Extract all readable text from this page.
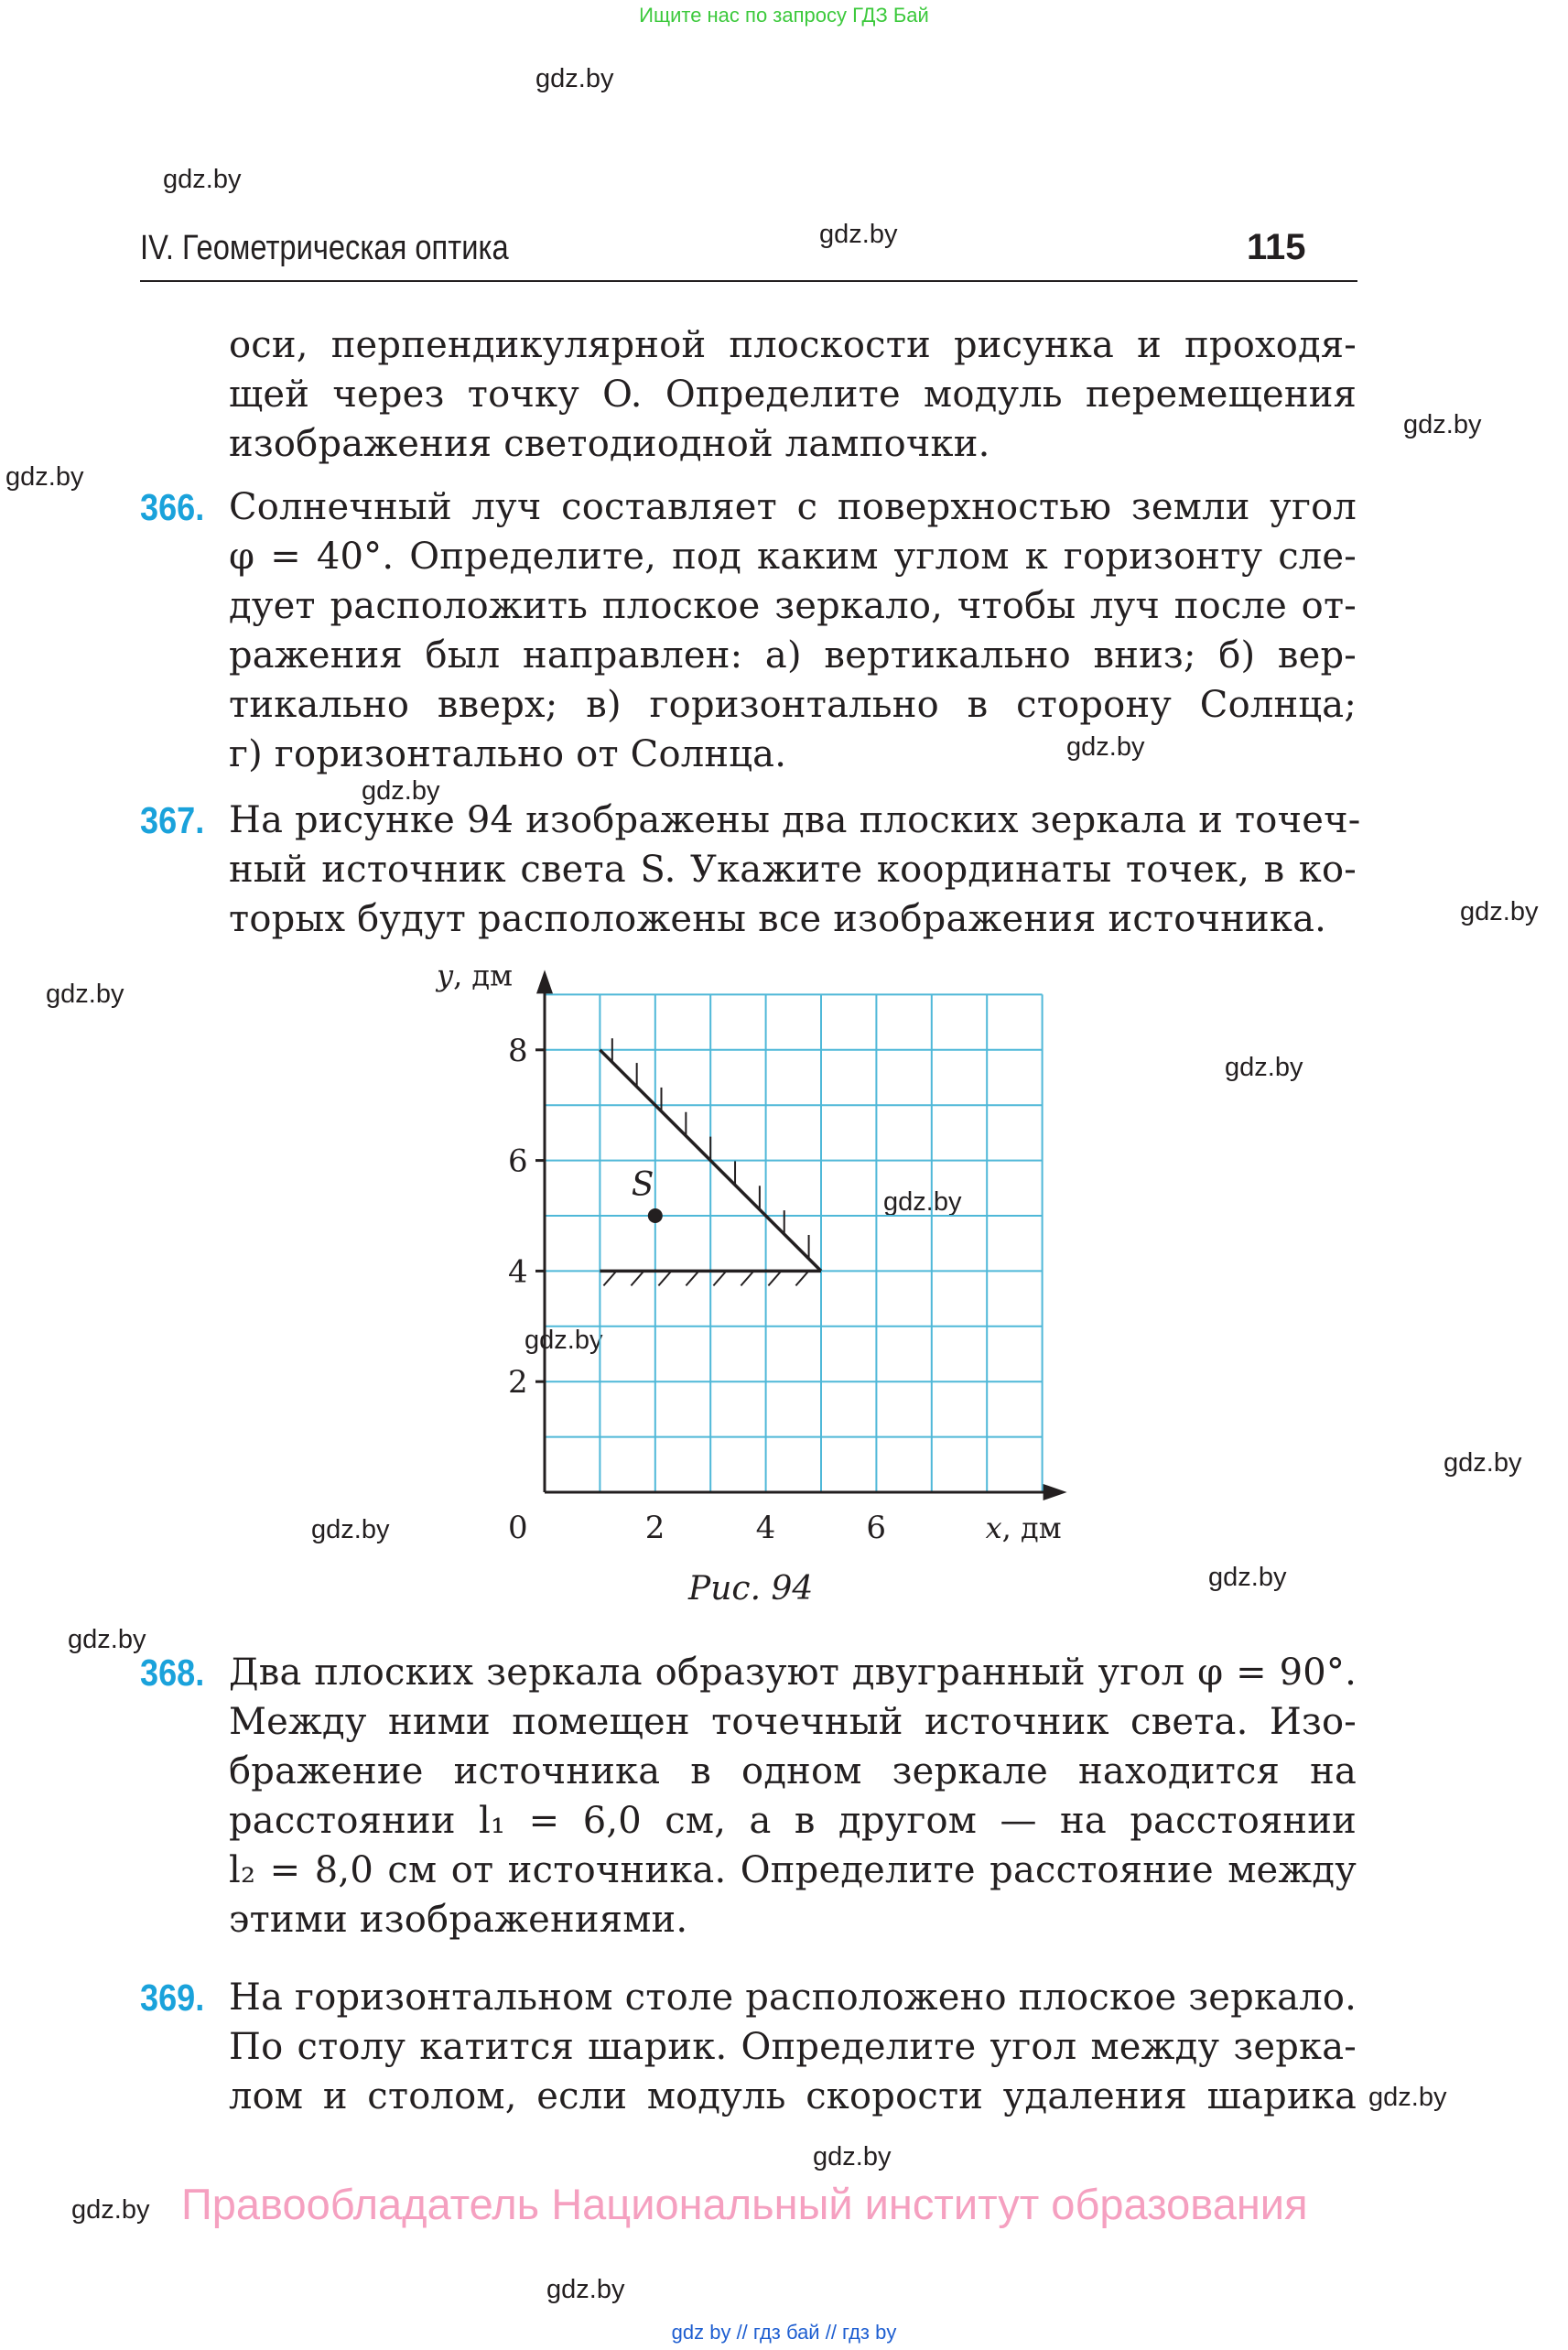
Ищите нас по запросу ГДЗ Бай
gdz.by
gdz.by
gdz.by
gdz.by
gdz.by
gdz.by
gdz.by
gdz.by
gdz.by
gdz.by
gdz.by
gdz.by
gdz.by
gdz.by
gdz.by
gdz.by
gdz.by
gdz.by
gdz.by
gdz.by
IV. Геометрическая оптика	115
оси, перпендикулярной плоскости рисунка и проходя-
щей через точку O. Определите модуль перемещения
изображения светодиодной лампочки.
366. Солнечный луч составляет с поверхностью земли угол
φ = 40°. Определите, под каким углом к горизонту сле-
дует расположить плоское зеркало, чтобы луч после от-
ражения был направлен: а) вертикально вниз; б) вер-
тикально вверх; в) горизонтально в сторону Солнца;
г) горизонтально от Солнца.
367. На рисунке 94 изображены два плоских зеркала и точеч-
ный источник света S. Укажите координаты точек, в ко-
торых будут расположены все изображения источника.
S
y, дм
x, дм
0
2
4
6
8
2	4	6
Рис. 94
368. Два плоских зеркала образуют двугранный угол φ = 90°.
Между ними помещен точечный источник света. Изо-
бражение источника в одном зеркале находится на
расстоянии l₁ = 6,0 см, а в другом — на расстоянии
l₂ = 8,0 см от источника. Определите расстояние между
этими изображениями.
369. На горизонтальном столе расположено плоское зеркало.
По столу катится шарик. Определите угол между зерка-
лом и столом, если модуль скорости удаления шарика
Правообладатель Национальный институт образования
gdz by // гдз бай // гдз by
